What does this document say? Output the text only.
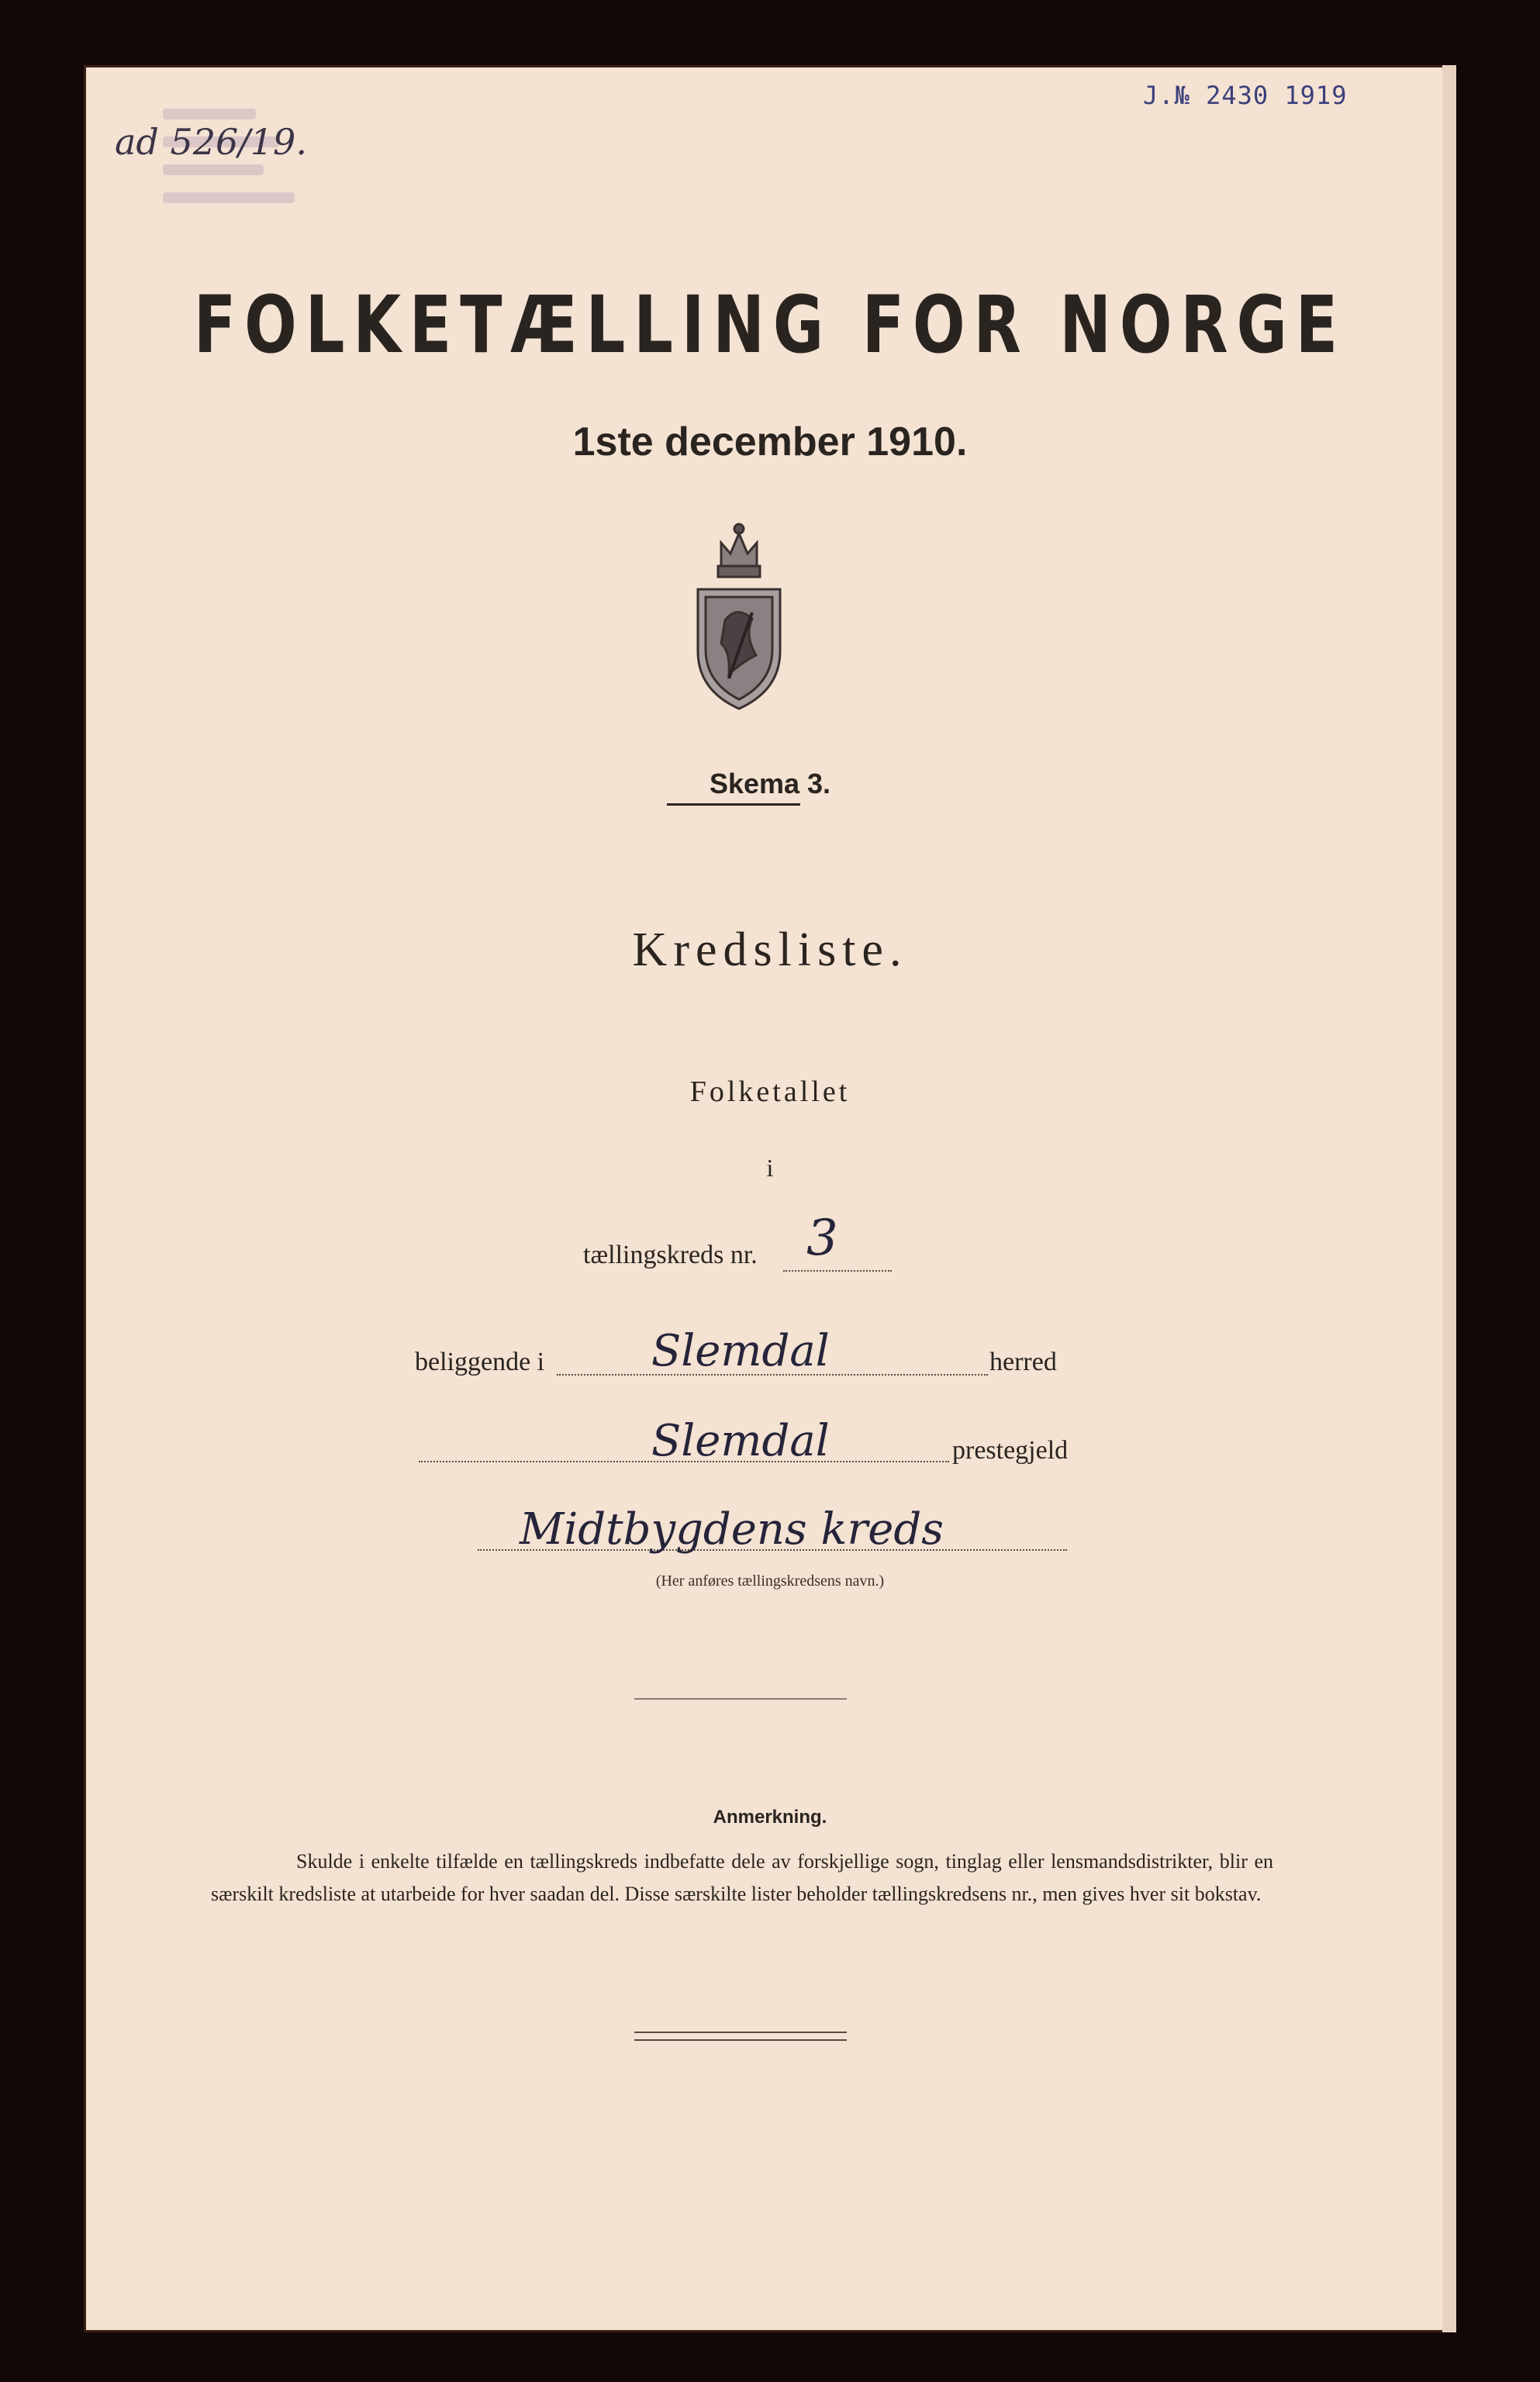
J.№ 2430 1919
ad 526/19.
FOLKETÆLLING FOR NORGE
1ste december 1910.
Skema 3.
Kredsliste.
Folketallet
i
tællingskreds nr. 3
beliggende i Slemdal	herred
Slemdal	prestegjeld
Midtbygdens kreds
(Her anføres tællingskredsens navn.)
Anmerkning.

Skulde i enkelte tilfælde en tællingskreds indbefatte dele av forskjellige sogn, tinglag eller lensmandsdistrikter, blir en særskilt kredsliste at utarbeide for hver saadan del. Disse særskilte lister beholder tællingskredsens nr., men gives hver sit bokstav.
